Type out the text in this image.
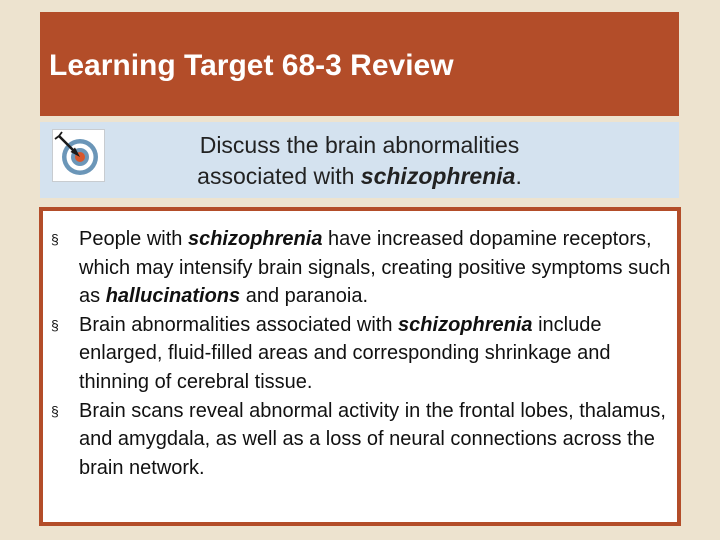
Learning Target 68-3 Review
Discuss the brain abnormalities
associated with schizophrenia.
§ People with schizophrenia have increased dopamine receptors, which may intensify brain signals, creating positive symptoms such as hallucinations and paranoia.
§ Brain abnormalities associated with schizophrenia include enlarged, fluid-filled areas and corresponding shrinkage and thinning of cerebral tissue.
§ Brain scans reveal abnormal activity in the frontal lobes, thalamus, and amygdala, as well as a loss of neural connections across the brain network.
